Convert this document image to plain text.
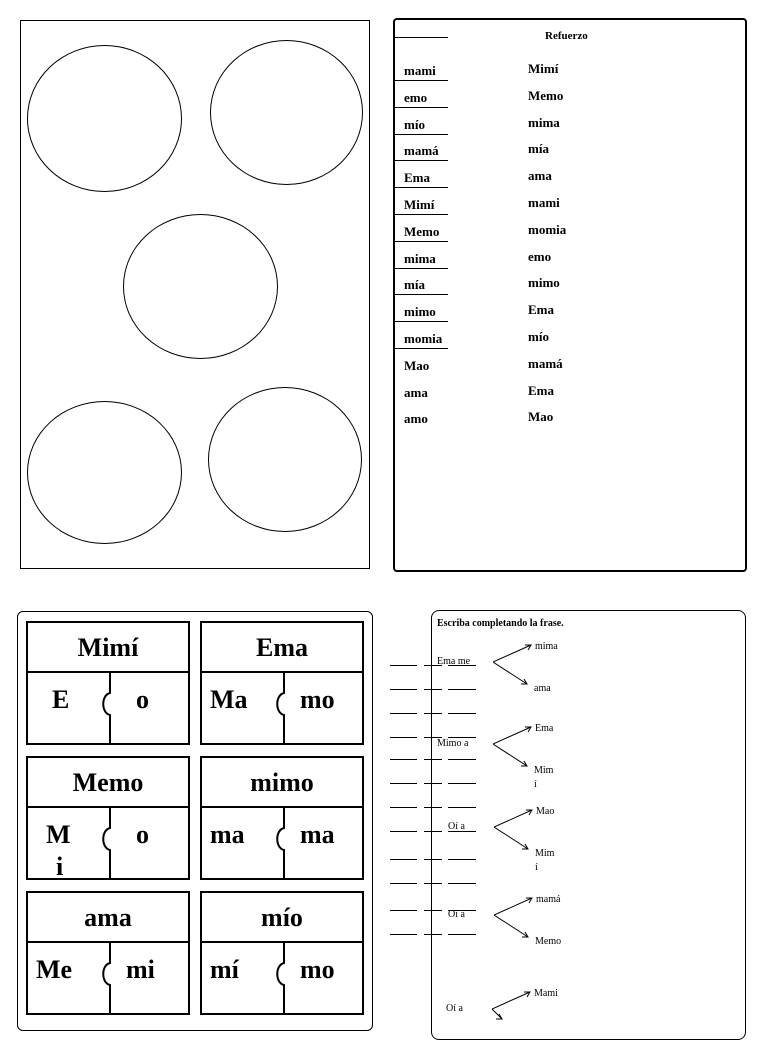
Refuerzo
mami
emo
mío
mamá
Ema
Mimí
Memo
mima
mía
mimo
momia
Mao
ama
amo
Mimí
Memo
mima
mía
ama
mami
momia
emo
mimo
Ema
mío
mamá
Ema
Mao
Mimí
E	o
Ema
Ma mo
Memo
i
M	o
mimo
ma ma
ama
Me mi
mío
mí mo
Escriba completando la frase.
Ema me
mima
ama
Mimo a
Ema
Mim
í
Oí a
Mao
Mim
í
Oí a
mamá
Memo
Oí a
Mami
